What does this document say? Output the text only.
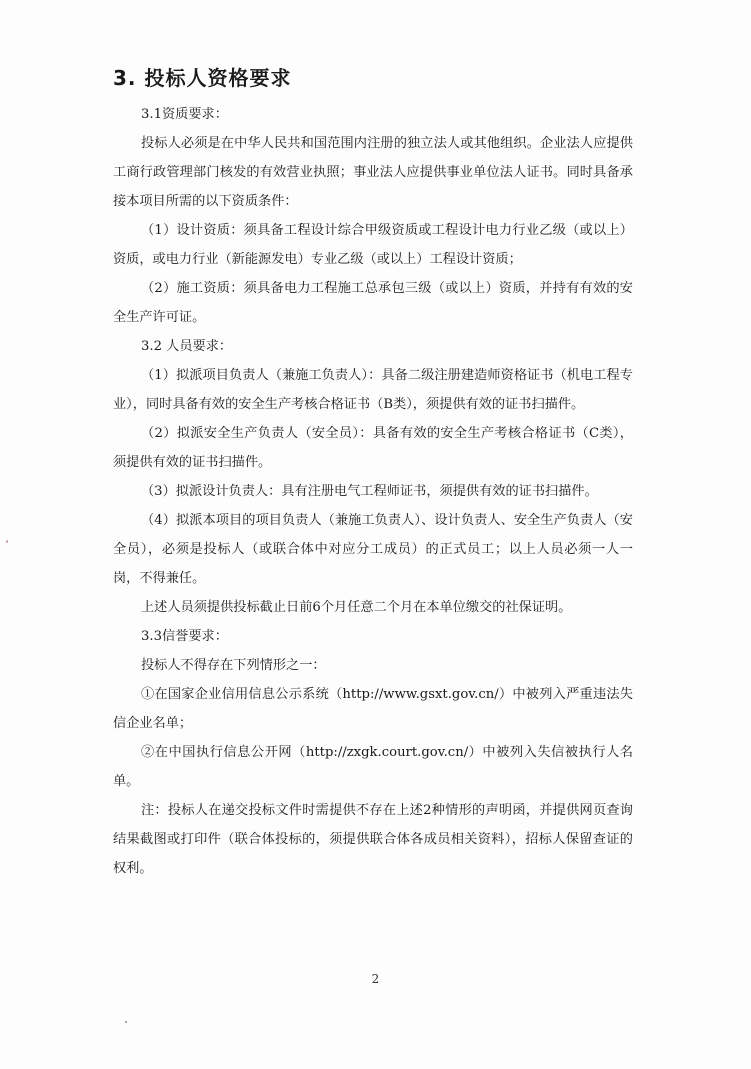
3. 投标人资格要求

3.1资质要求：

投标人必须是在中华人民共和国范围内注册的独立法人或其他组织。企业法人应提供工商行政管理部门核发的有效营业执照；事业法人应提供事业单位法人证书。同时具备承接本项目所需的以下资质条件：

（1）设计资质：须具备工程设计综合甲级资质或工程设计电力行业乙级（或以上）资质，或电力行业（新能源发电）专业乙级（或以上）工程设计资质；

（2）施工资质：须具备电力工程施工总承包三级（或以上）资质，并持有有效的安全生产许可证。

3.2 人员要求：

（1）拟派项目负责人（兼施工负责人）：具备二级注册建造师资格证书（机电工程专业），同时具备有效的安全生产考核合格证书（B类），须提供有效的证书扫描件。

（2）拟派安全生产负责人（安全员）：具备有效的安全生产考核合格证书（C类），须提供有效的证书扫描件。

（3）拟派设计负责人：具有注册电气工程师证书，须提供有效的证书扫描件。

（4）拟派本项目的项目负责人（兼施工负责人）、设计负责人、安全生产负责人（安全员），必须是投标人（或联合体中对应分工成员）的正式员工；以上人员必须一人一岗，不得兼任。

上述人员须提供投标截止日前6个月任意二个月在本单位缴交的社保证明。

3.3信誉要求：

投标人不得存在下列情形之一：

①在国家企业信用信息公示系统（http://www.gsxt.gov.cn/）中被列入严重违法失信企业名单；

②在中国执行信息公开网（http://zxgk.court.gov.cn/）中被列入失信被执行人名单。

注：投标人在递交投标文件时需提供不存在上述2种情形的声明函，并提供网页查询结果截图或打印件（联合体投标的，须提供联合体各成员相关资料），招标人保留查证的权利。

2
